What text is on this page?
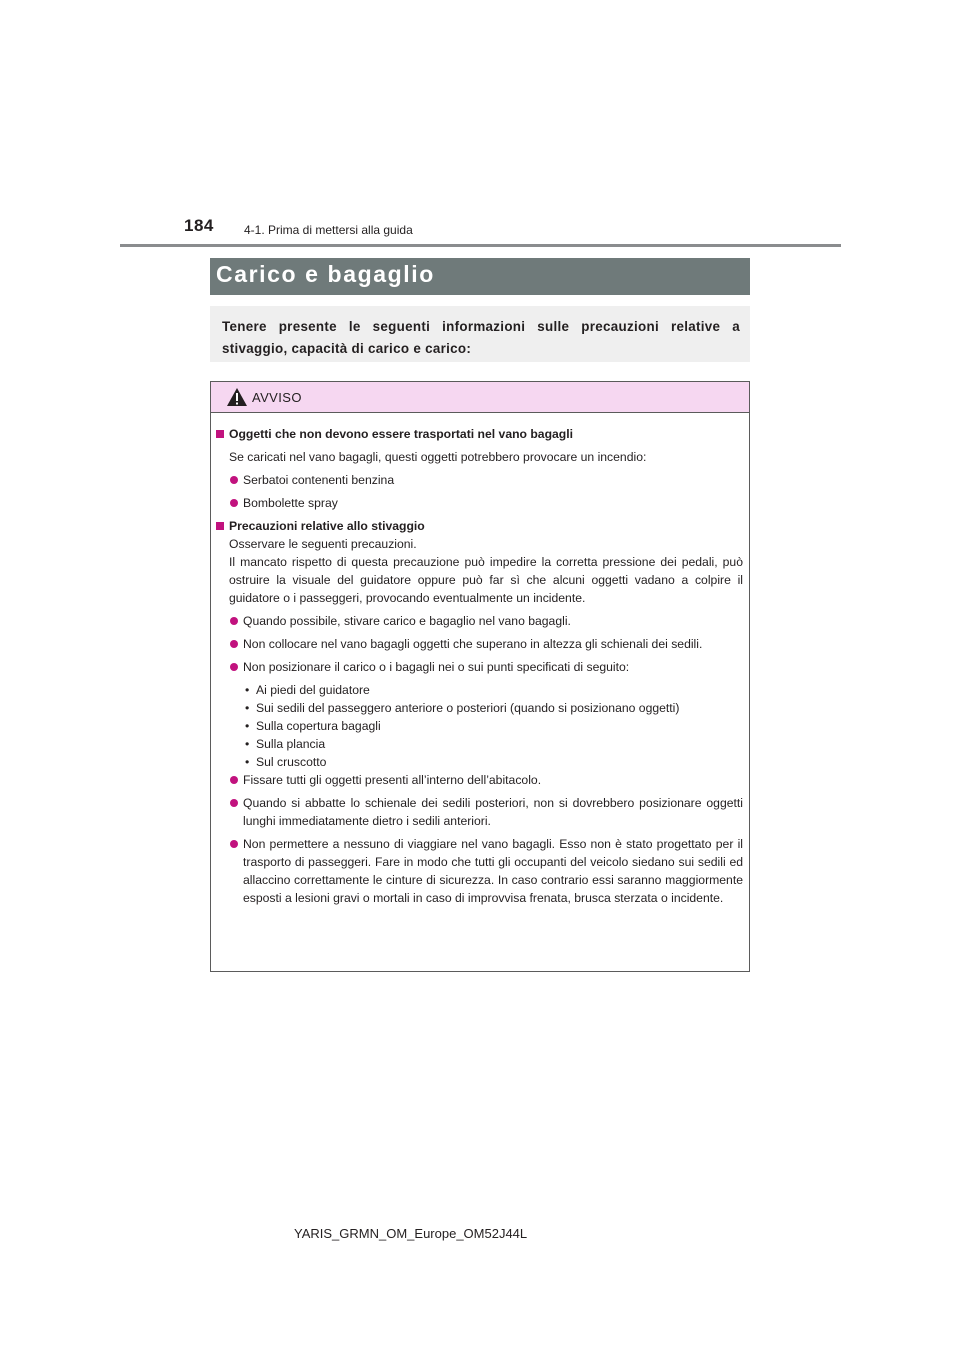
184	4-1. Prima di mettersi alla guida
Carico e bagaglio
Tenere presente le seguenti informazioni sulle precauzioni relative a stivaggio, capacità di carico e carico:
AVVISO
Oggetti che non devono essere trasportati nel vano bagagli
Se caricati nel vano bagagli, questi oggetti potrebbero provocare un incendio:
Serbatoi contenenti benzina
Bombolette spray
Precauzioni relative allo stivaggio
Osservare le seguenti precauzioni.
Il mancato rispetto di questa precauzione può impedire la corretta pressione dei pedali, può ostruire la visuale del guidatore oppure può far sì che alcuni oggetti vadano a colpire il guidatore o i passeggeri, provocando eventualmente un incidente.
Quando possibile, stivare carico e bagaglio nel vano bagagli.
Non collocare nel vano bagagli oggetti che superano in altezza gli schienali dei sedili.
Non posizionare il carico o i bagagli nei o sui punti specificati di seguito:
• Ai piedi del guidatore
• Sui sedili del passeggero anteriore o posteriori (quando si posizionano oggetti)
• Sulla copertura bagagli
• Sulla plancia
• Sul cruscotto
Fissare tutti gli oggetti presenti all’interno dell’abitacolo.
Quando si abbatte lo schienale dei sedili posteriori, non si dovrebbero posizionare oggetti lunghi immediatamente dietro i sedili anteriori.
Non permettere a nessuno di viaggiare nel vano bagagli. Esso non è stato progettato per il trasporto di passeggeri. Fare in modo che tutti gli occupanti del veicolo siedano sui sedili ed allaccino correttamente le cinture di sicurezza. In caso contrario essi saranno maggiormente esposti a lesioni gravi o mortali in caso di improvvisa frenata, brusca sterzata o incidente.
YARIS_GRMN_OM_Europe_OM52J44L
